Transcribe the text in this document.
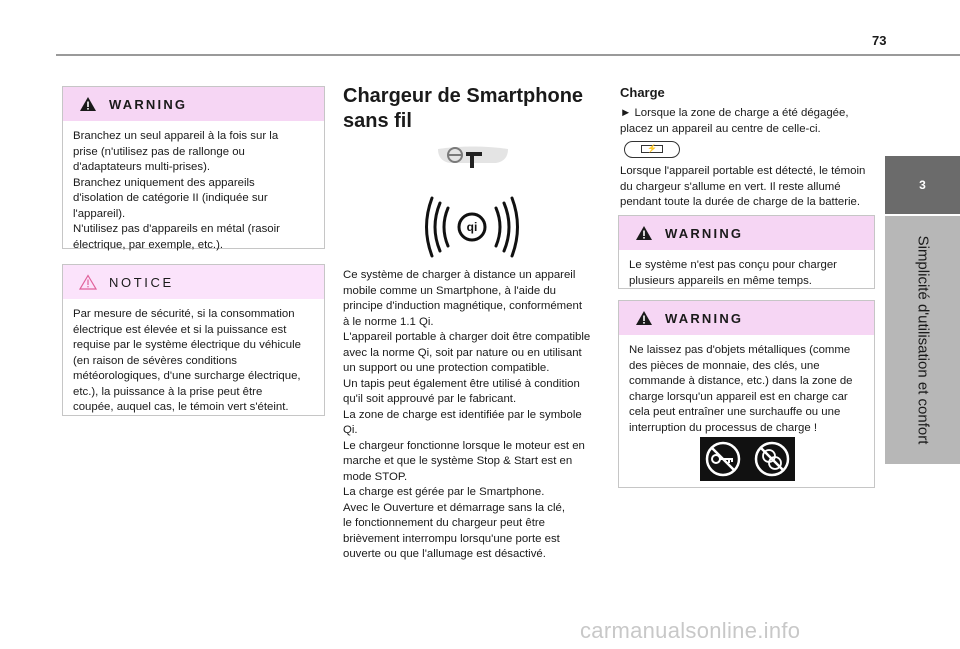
73
3
Simplicité d'utilisation et confort
WARNING
Branchez un seul appareil à la fois sur la
prise (n'utilisez pas de rallonge ou
d'adaptateurs multi-prises).
Branchez uniquement des appareils
d'isolation de catégorie II (indiquée sur
l'appareil).
N'utilisez pas d'appareils en métal (rasoir
électrique, par exemple, etc.).
NOTICE
Par mesure de sécurité, si la consommation
électrique est élevée et si la puissance est
requise par le système électrique du véhicule
(en raison de sévères conditions
météorologiques, d'une surcharge électrique,
etc.), la puissance à la prise peut être
coupée, auquel cas, le témoin vert s'éteint.
Chargeur de Smartphone
sans fil
qi
Ce système de charger à distance un appareil
mobile comme un Smartphone, à l'aide du
principe d'induction magnétique, conformément
à le norme 1.1 Qi.
L'appareil portable à charger doit être compatible
avec la norme Qi, soit par nature ou en utilisant
un support ou une protection compatible.
Un tapis peut également être utilisé à condition
qu'il soit approuvé par le fabricant.
La zone de charge est identifiée par le symbole
Qi.
Le chargeur fonctionne lorsque le moteur est en
marche et que le système Stop & Start est en
mode STOP.
La charge est gérée par le Smartphone.
Avec le Ouverture et démarrage sans la clé,
le fonctionnement du chargeur peut être
brièvement interrompu lorsqu'une porte est
ouverte ou que l'allumage est désactivé.
Charge
► Lorsque la zone de charge a été dégagée,
placez un appareil au centre de celle-ci.
⚡
Lorsque l'appareil portable est détecté, le témoin
du chargeur s'allume en vert. Il reste allumé
pendant toute la durée de charge de la batterie.
WARNING
Le système n'est pas conçu pour charger
plusieurs appareils en même temps.
WARNING
Ne laissez pas d'objets métalliques (comme
des pièces de monnaie, des clés, une
commande à distance, etc.) dans la zone de
charge lorsqu'un appareil est en charge car
cela peut entraîner une surchauffe ou une
interruption du processus de charge !
carmanualsonline.info
